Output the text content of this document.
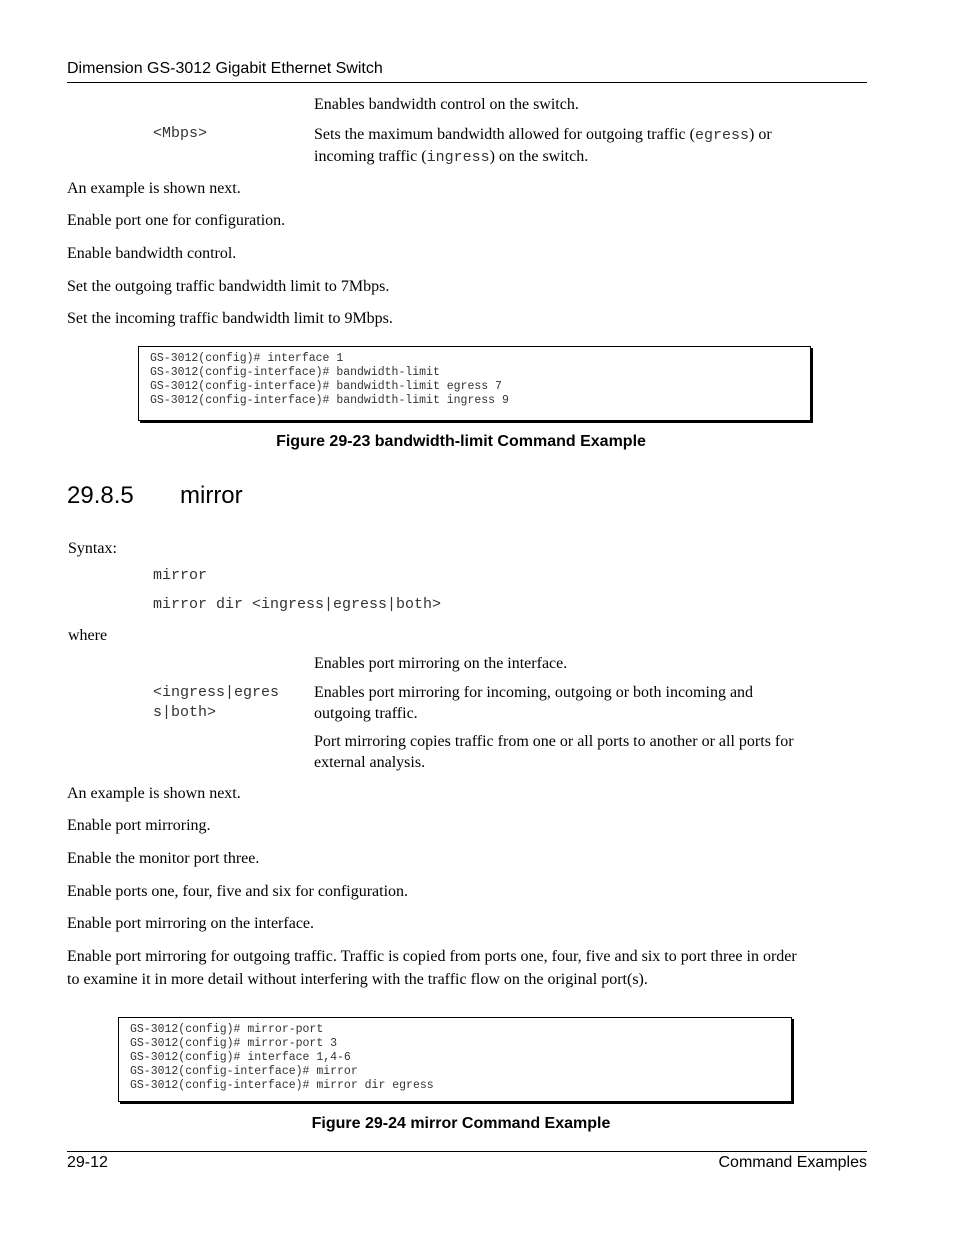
Dimension GS-3012 Gigabit Ethernet Switch
Enables bandwidth control on the switch.
<Mbps>	Sets the maximum bandwidth allowed for outgoing traffic (egress) or
incoming traffic (ingress) on the switch.
An example is shown next.
Enable port one for configuration.
Enable bandwidth control.
Set the outgoing traffic bandwidth limit to 7Mbps.
Set the incoming traffic bandwidth limit to 9Mbps.
GS-3012(config)# interface 1
GS-3012(config-interface)# bandwidth-limit
GS-3012(config-interface)# bandwidth-limit egress 7
GS-3012(config-interface)# bandwidth-limit ingress 9
Figure 29-23 bandwidth-limit Command Example
29.8.5 mirror
Syntax:
mirror
mirror dir <ingress|egress|both>
where
Enables port mirroring on the interface.
<ingress|egres
s|both>
Enables port mirroring for incoming, outgoing or both incoming and
outgoing traffic.
Port mirroring copies traffic from one or all ports to another or all ports for
external analysis.
An example is shown next.
Enable port mirroring.
Enable the monitor port three.
Enable ports one, four, five and six for configuration.
Enable port mirroring on the interface.
Enable port mirroring for outgoing traffic. Traffic is copied from ports one, four, five and six to port three in order
to examine it in more detail without interfering with the traffic flow on the original port(s).
GS-3012(config)# mirror-port
GS-3012(config)# mirror-port 3
GS-3012(config)# interface 1,4-6
GS-3012(config-interface)# mirror
GS-3012(config-interface)# mirror dir egress
Figure 29-24 mirror Command Example
29-12	Command Examples
